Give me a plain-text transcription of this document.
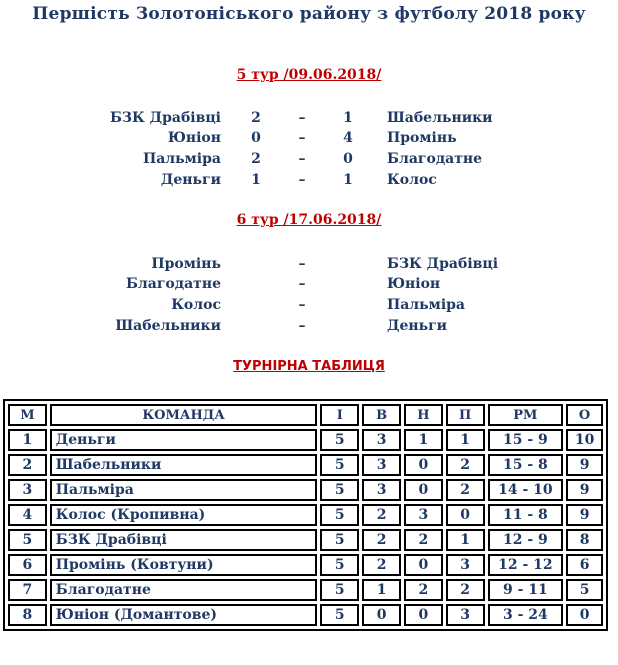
Першість Золотоніського району з футболу 2018 року
5 тур /09.06.2018/
БЗК Драбівці 2	–	1 Шабельники
Юніон 0	–	4 Промінь
Пальміра 2	–	0 Благодатне
Деньги 1	–	1 Колос
6 тур /17.06.2018/
Промінь	–	БЗК Драбівці
Благодатне	–	Юніон
Колос	–	Пальміра
Шабельники	–	Деньги
ТУРНІРНА ТАБЛИЦЯ
М	КОМАНДА	І	В	Н	П	РМ	О
1	Деньги	5	3	1	1	15 - 9	10
2	Шабельники	5	3	0	2	15 - 8	9
3	Пальміра	5	3	0	2	14 - 10	9
4	Колос (Кропивна)	5	2	3	0	11 - 8	9
5	БЗК Драбівці	5	2	2	1	12 - 9	8
6	Промінь (Ковтуни)	5	2	0	3	12 - 12	6
7	Благодатне	5	1	2	2	9 - 11	5
8	Юніон (Домантове)	5	0	0	3	3 - 24	0
